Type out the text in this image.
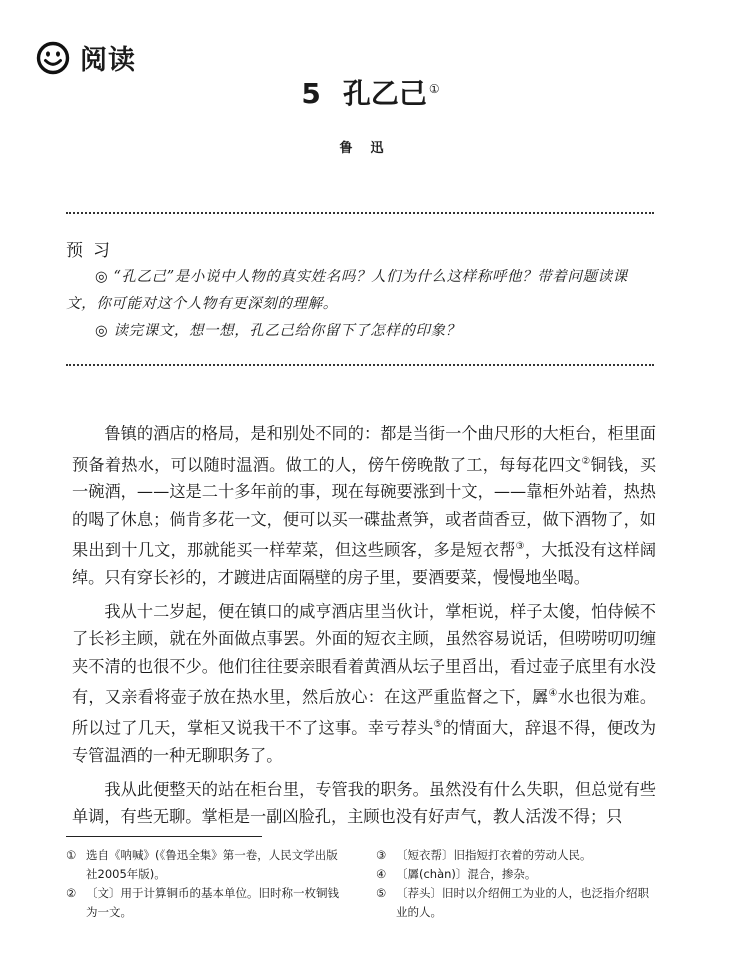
阅读
5 孔乙己 ①
鲁迅
预习
◎ “孔乙己”是小说中人物的真实姓名吗？人们为什么这样称呼他？带着问题读课文，你可能对这个人物有更深刻的理解。
◎ 读完课文，想一想，孔乙己给你留下了怎样的印象？

鲁镇的酒店的格局，是和别处不同的：都是当街一个曲尺形的大柜台，柜里面预备着热水，可以随时温酒。做工的人，傍午傍晚散了工，每每花四文②铜钱，买一碗酒，——这是二十多年前的事，现在每碗要涨到十文，——靠柜外站着，热热的喝了休息；倘肯多花一文，便可以买一碟盐煮笋，或者茴香豆，做下酒物了，如果出到十几文，那就能买一样荤菜，但这些顾客，多是短衣帮③，大抵没有这样阔绰。只有穿长衫的，才踱进店面隔壁的房子里，要酒要菜，慢慢地坐喝。

我从十二岁起，便在镇口的咸亨酒店里当伙计，掌柜说，样子太傻，怕侍候不了长衫主顾，就在外面做点事罢。外面的短衣主顾，虽然容易说话，但唠唠叨叨缠夹不清的也很不少。他们往往要亲眼看着黄酒从坛子里舀出，看过壶子底里有水没有，又亲看将壶子放在热水里，然后放心：在这严重监督之下，羼④水也很为难。所以过了几天，掌柜又说我干不了这事。幸亏荐头⑤的情面大，辞退不得，便改为专管温酒的一种无聊职务了。

我从此便整天的站在柜台里，专管我的职务。虽然没有什么失职，但总觉有些单调，有些无聊。掌柜是一副凶脸孔，主顾也没有好声气，教人活泼不得；只

① 选自《呐喊》(《鲁迅全集》第一卷，人民文学出版社2005年版)。
② 〔文〕用于计算铜币的基本单位。旧时称一枚铜钱为一文。
③ 〔短衣帮〕旧指短打衣着的劳动人民。
④ 〔羼(chàn)〕混合，掺杂。
⑤ 〔荐头〕旧时以介绍佣工为业的人，也泛指介绍职业的人。
